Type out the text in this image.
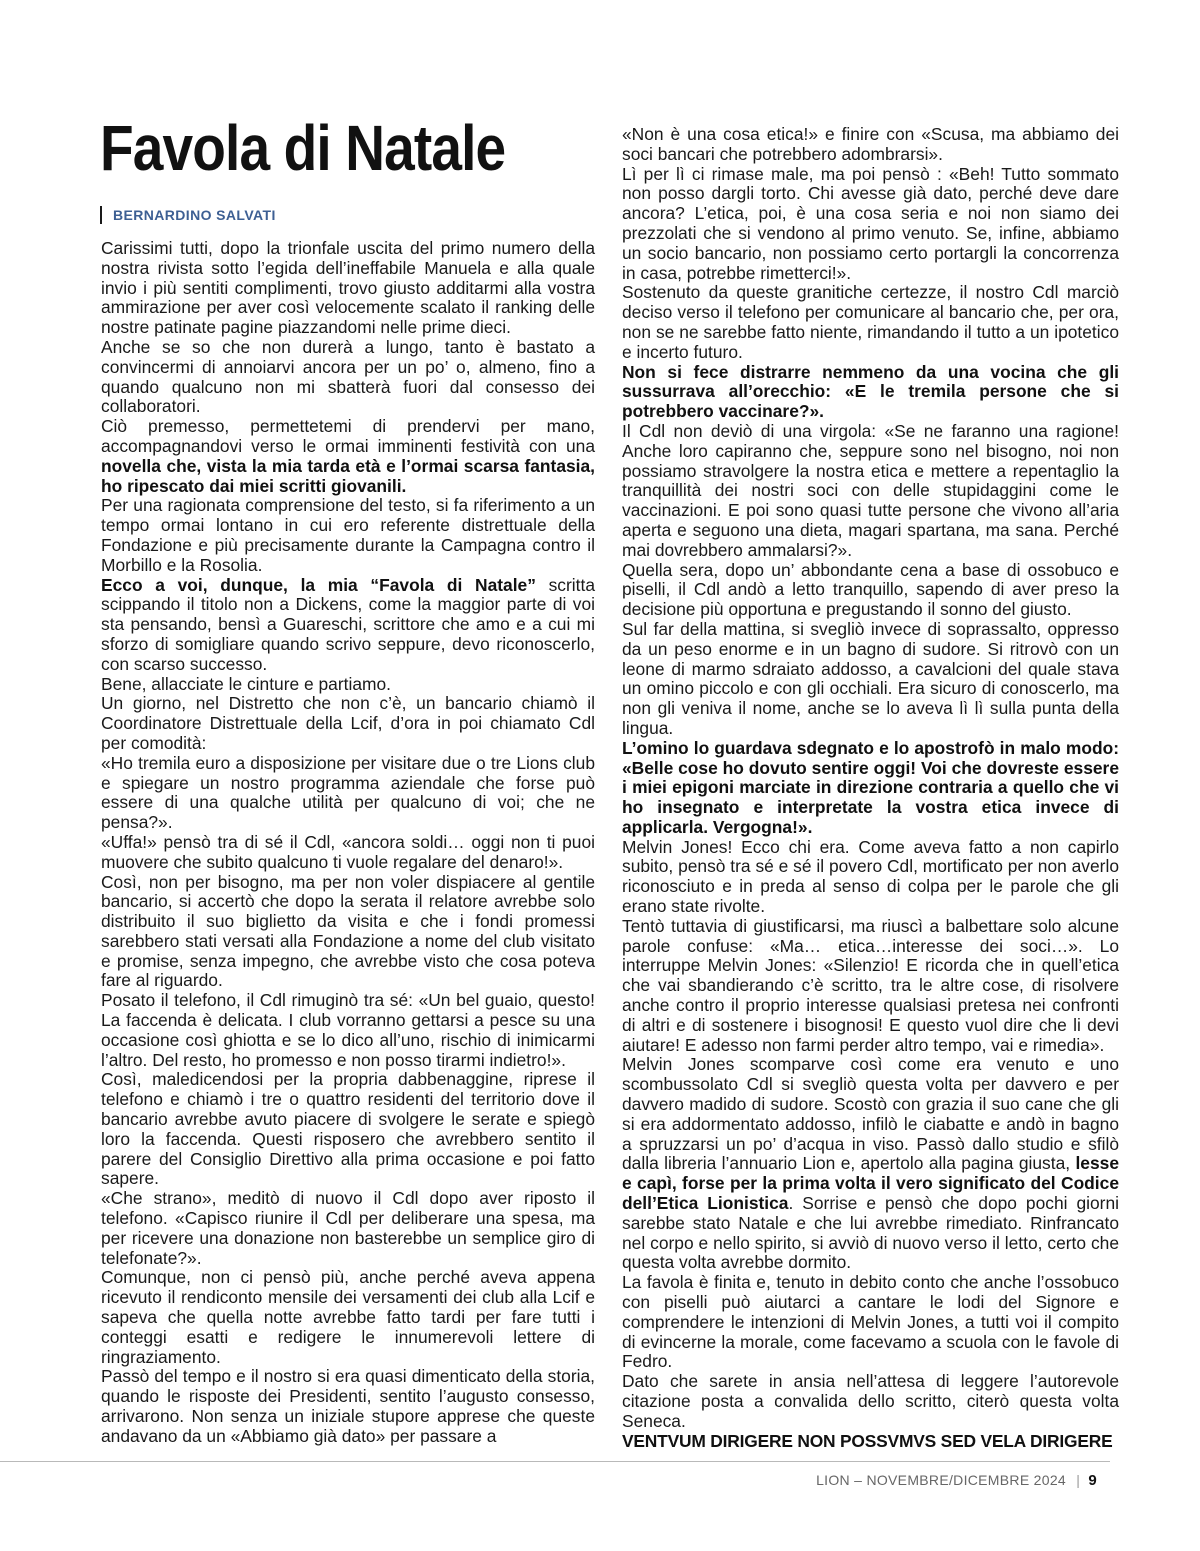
Favola di Natale
BERNARDINO SALVATI

Carissimi tutti, dopo la trionfale uscita del primo numero della nostra rivista sotto l’egida dell’ineffabile Manuela e alla quale invio i più sentiti complimenti, trovo giusto additarmi alla vostra ammirazione per aver così velocemente scalato il ranking delle nostre patinate pagine piazzandomi nelle prime dieci.

Anche se so che non durerà a lungo, tanto è bastato a convincermi di annoiarvi ancora per un po’ o, almeno, fino a quando qualcuno non mi sbatterà fuori dal consesso dei collaboratori.

Ciò premesso, permettetemi di prendervi per mano, accompagnandovi verso le ormai imminenti festività con una novella che, vista la mia tarda età e l’ormai scarsa fantasia, ho ripescato dai miei scritti giovanili.

Per una ragionata comprensione del testo, si fa riferimento a un tempo ormai lontano in cui ero referente distrettuale della Fondazione e più precisamente durante la Campagna contro il Morbillo e la Rosolia.

Ecco a voi, dunque, la mia “Favola di Natale” scritta scippando il titolo non a Dickens, come la maggior parte di voi sta pensando, bensì a Guareschi, scrittore che amo e a cui mi sforzo di somigliare quando scrivo seppure, devo riconoscerlo, con scarso successo.

Bene, allacciate le cinture e partiamo.

Un giorno, nel Distretto che non c’è, un bancario chiamò il Coordinatore Distrettuale della Lcif, d’ora in poi chiamato Cdl per comodità:

«Ho tremila euro a disposizione per visitare due o tre Lions club e spiegare un nostro programma aziendale che forse può essere di una qualche utilità per qualcuno di voi; che ne pensa?».

«Uffa!» pensò tra di sé il Cdl, «ancora soldi… oggi non ti puoi muovere che subito qualcuno ti vuole regalare del denaro!».

Così, non per bisogno, ma per non voler dispiacere al gentile bancario, si accertò che dopo la serata il relatore avrebbe solo distribuito il suo biglietto da visita e che i fondi promessi sarebbero stati versati alla Fondazione a nome del club visitato e promise, senza impegno, che avrebbe visto che cosa poteva fare al riguardo.

Posato il telefono, il Cdl rimuginò tra sé: «Un bel guaio, questo! La faccenda è delicata. I club vorranno gettarsi a pesce su una occasione così ghiotta e se lo dico all’uno, rischio di inimicarmi l’altro. Del resto, ho promesso e non posso tirarmi indietro!».

Così, maledicendosi per la propria dabbenaggine, riprese il telefono e chiamò i tre o quattro residenti del territorio dove il bancario avrebbe avuto piacere di svolgere le serate e spiegò loro la faccenda. Questi risposero che avrebbero sentito il parere del Consiglio Direttivo alla prima occasione e poi fatto sapere.

«Che strano», meditò di nuovo il Cdl dopo aver riposto il telefono. «Capisco riunire il Cdl per deliberare una spesa, ma per ricevere una donazione non basterebbe un semplice giro di telefonate?».

Comunque, non ci pensò più, anche perché aveva appena ricevuto il rendiconto mensile dei versamenti dei club alla Lcif e sapeva che quella notte avrebbe fatto tardi per fare tutti i conteggi esatti e redigere le innumerevoli lettere di ringraziamento.

Passò del tempo e il nostro si era quasi dimenticato della storia, quando le risposte dei Presidenti, sentito l’augusto consesso, arrivarono. Non senza un iniziale stupore apprese che queste andavano da un «Abbiamo già dato» per passare a

«Non è una cosa etica!» e finire con «Scusa, ma abbiamo dei soci bancari che potrebbero adombrarsi».

Lì per lì ci rimase male, ma poi pensò : «Beh! Tutto sommato non posso dargli torto. Chi avesse già dato, perché deve dare ancora? L’etica, poi, è una cosa seria e noi non siamo dei prezzolati che si vendono al primo venuto. Se, infine, abbiamo un socio bancario, non possiamo certo portargli la concorrenza in casa, potrebbe rimetterci!».

Sostenuto da queste granitiche certezze, il nostro Cdl marciò deciso verso il telefono per comunicare al bancario che, per ora, non se ne sarebbe fatto niente, rimandando il tutto a un ipotetico e incerto futuro.

Non si fece distrarre nemmeno da una vocina che gli sussurrava all’orecchio: «E le tremila persone che si potrebbero vaccinare?».

Il Cdl non deviò di una virgola: «Se ne faranno una ragione! Anche loro capiranno che, seppure sono nel bisogno, noi non possiamo stravolgere la nostra etica e mettere a repentaglio la tranquillità dei nostri soci con delle stupidaggini come le vaccinazioni. E poi sono quasi tutte persone che vivono all’aria aperta e seguono una dieta, magari spartana, ma sana. Perché mai dovrebbero ammalarsi?».

Quella sera, dopo un’ abbondante cena a base di ossobuco e piselli, il Cdl andò a letto tranquillo, sapendo di aver preso la decisione più opportuna e pregustando il sonno del giusto.

Sul far della mattina, si svegliò invece di soprassalto, oppresso da un peso enorme e in un bagno di sudore. Si ritrovò con un leone di marmo sdraiato addosso, a cavalcioni del quale stava un omino piccolo e con gli occhiali. Era sicuro di conoscerlo, ma non gli veniva il nome, anche se lo aveva lì lì sulla punta della lingua.

L’omino lo guardava sdegnato e lo apostrofò in malo modo: «Belle cose ho dovuto sentire oggi! Voi che dovreste essere i miei epigoni marciate in direzione contraria a quello che vi ho insegnato e interpretate la vostra etica invece di applicarla. Vergogna!».

Melvin Jones! Ecco chi era. Come aveva fatto a non capirlo subito, pensò tra sé e sé il povero Cdl, mortificato per non averlo riconosciuto e in preda al senso di colpa per le parole che gli erano state rivolte.

Tentò tuttavia di giustificarsi, ma riuscì a balbettare solo alcune parole confuse: «Ma… etica…interesse dei soci…». Lo interruppe Melvin Jones: «Silenzio! E ricorda che in quell’etica che vai sbandierando c’è scritto, tra le altre cose, di risolvere anche contro il proprio interesse qualsiasi pretesa nei confronti di altri e di sostenere i bisognosi! E questo vuol dire che li devi aiutare! E adesso non farmi perder altro tempo, vai e rimedia».

Melvin Jones scomparve così come era venuto e uno scombussolato Cdl si svegliò questa volta per davvero e per davvero madido di sudore. Scostò con grazia il suo cane che gli si era addormentato addosso, infilò le ciabatte e andò in bagno a spruzzarsi un po’ d’acqua in viso. Passò dallo studio e sfilò dalla libreria l’annuario Lion e, apertolo alla pagina giusta, lesse e capì, forse per la prima volta il vero significato del Codice dell’Etica Lionistica. Sorrise e pensò che dopo pochi giorni sarebbe stato Natale e che lui avrebbe rimediato. Rinfrancato nel corpo e nello spirito, si avviò di nuovo verso il letto, certo che questa volta avrebbe dormito.

La favola è finita e, tenuto in debito conto che anche l’ossobuco con piselli può aiutarci a cantare le lodi del Signore e comprendere le intenzioni di Melvin Jones, a tutti voi il compito di evincerne la morale, come facevamo a scuola con le favole di Fedro.

Dato che sarete in ansia nell’attesa di leggere l’autorevole citazione posta a convalida dello scritto, citerò questa volta Seneca.

VENTVUM DIRIGERE NON POSSVMVS SED VELA DIRIGERE

LION – NOVEMBRE/DICEMBRE 2024 | 9
